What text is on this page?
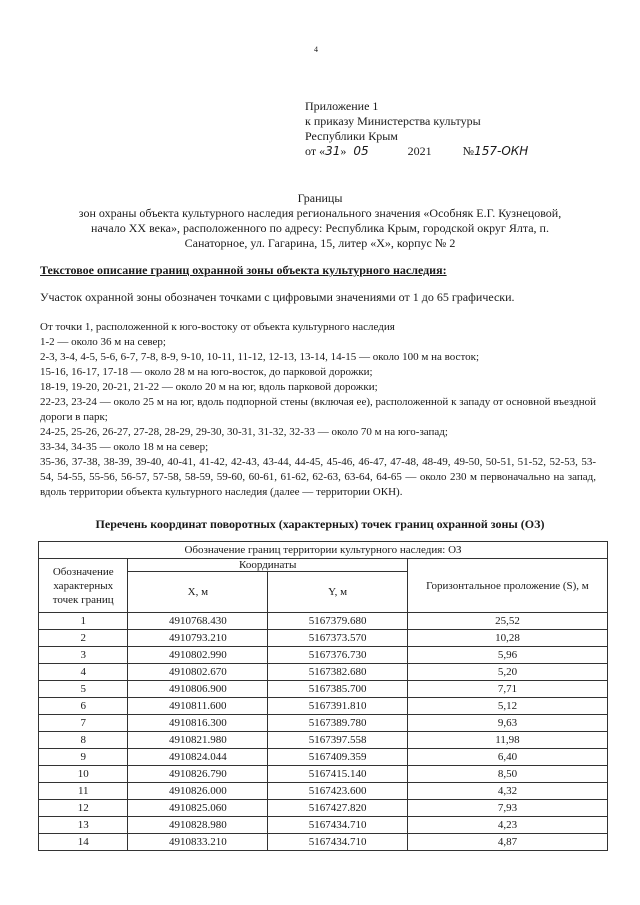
4
Приложение 1
к приказу Министерства культуры
Республики Крым
от «31» 05	2021	№157-ОКН
Границы
зон охраны объекта культурного наследия регионального значения «Особняк Е.Г. Кузнецовой,
начало XX века», расположенного по адресу: Республика Крым, городской округ Ялта, п.
Санаторное, ул. Гагарина, 15, литер «Х», корпус № 2
Текстовое описание границ охранной зоны объекта культурного наследия:
Участок охранной зоны обозначен точками с цифровыми значениями от 1 до 65 графически.
От точки 1, расположенной к юго-востоку от объекта культурного наследия
1-2 — около 36 м на север;
2-3, 3-4, 4-5, 5-6, 6-7, 7-8, 8-9, 9-10, 10-11, 11-12, 12-13, 13-14, 14-15 — около 100 м на восток;
15-16, 16-17, 17-18 — около 28 м на юго-восток, до парковой дорожки;
18-19, 19-20, 20-21, 21-22 — около 20 м на юг, вдоль парковой дорожки;
22-23, 23-24 — около 25 м на юг, вдоль подпорной стены (включая ее), расположенной к западу от основной въездной дороги в парк;
24-25, 25-26, 26-27, 27-28, 28-29, 29-30, 30-31, 31-32, 32-33 — около 70 м на юго-запад;
33-34, 34-35 — около 18 м на север;
35-36, 37-38, 38-39, 39-40, 40-41, 41-42, 42-43, 43-44, 44-45, 45-46, 46-47, 47-48, 48-49, 49-50, 50-51, 51-52, 52-53, 53-54, 54-55, 55-56, 56-57, 57-58, 58-59, 59-60, 60-61, 61-62, 62-63, 63-64, 64-65 — около 230 м первоначально на запад, вдоль территории объекта культурного наследия (далее — территории ОКН).
Перечень координат поворотных (характерных) точек границ охранной зоны (ОЗ)
Обозначение границ территории культурного наследия: ОЗ			
Обозначение характерных точек границ	Координаты		Горизонтальное проложение (S), м
	X, м	Y, м	
1	4910768.430	5167379.680	25,52
2	4910793.210	5167373.570	10,28
3	4910802.990	5167376.730	5,96
4	4910802.670	5167382.680	5,20
5	4910806.900	5167385.700	7,71
6	4910811.600	5167391.810	5,12
7	4910816.300	5167389.780	9,63
8	4910821.980	5167397.558	11,98
9	4910824.044	5167409.359	6,40
10	4910826.790	5167415.140	8,50
11	4910826.000	5167423.600	4,32
12	4910825.060	5167427.820	7,93
13	4910828.980	5167434.710	4,23
14	4910833.210	5167434.710	4,87
